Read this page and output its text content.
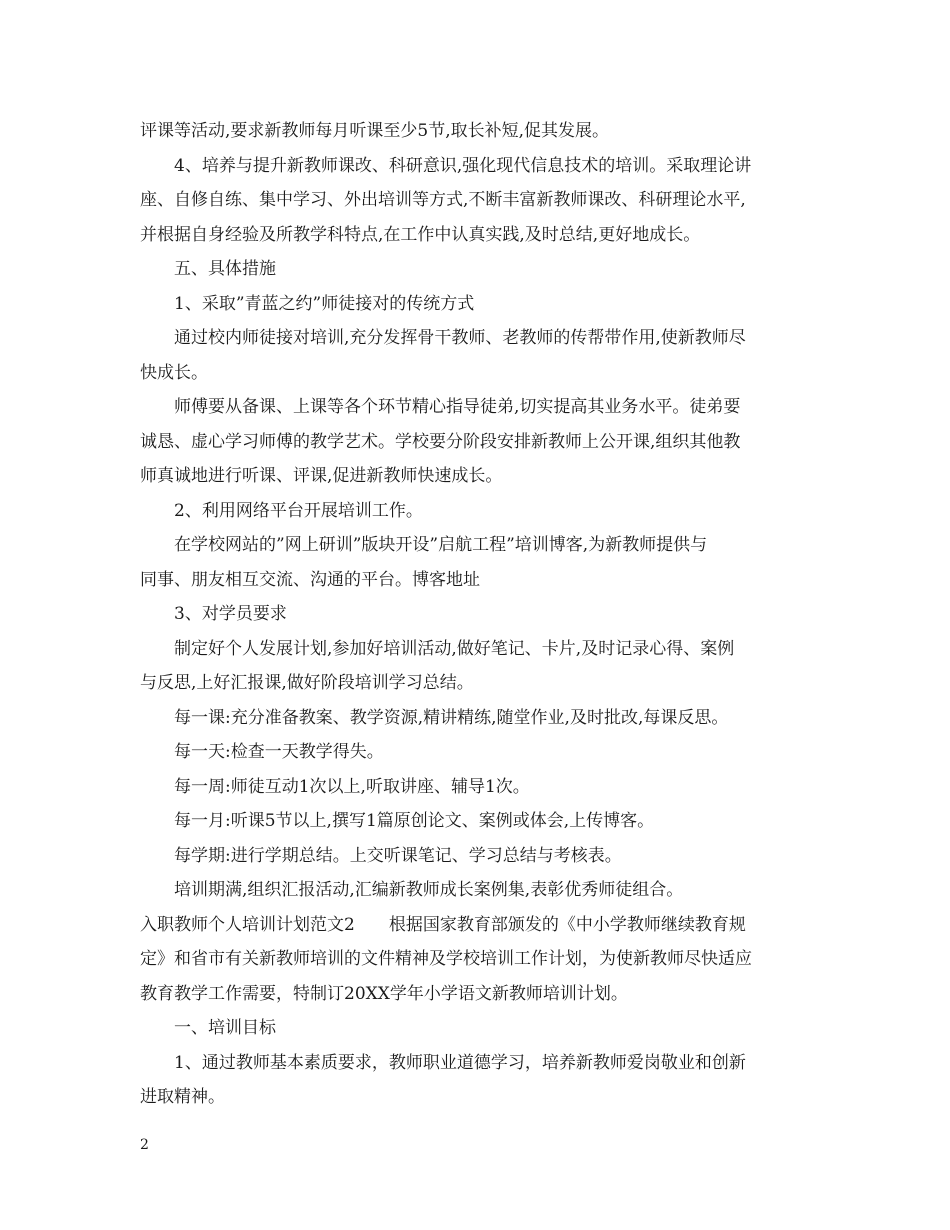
评课等活动,要求新教师每月听课至少5节,取长补短,促其发展。
4、培养与提升新教师课改、科研意识,强化现代信息技术的培训。采取理论讲
座、自修自练、集中学习、外出培训等方式,不断丰富新教师课改、科研理论水平,
并根据自身经验及所教学科特点,在工作中认真实践,及时总结,更好地成长。
五、具体措施
1、采取”青蓝之约”师徒接对的传统方式
通过校内师徒接对培训,充分发挥骨干教师、老教师的传帮带作用,使新教师尽
快成长。
师傅要从备课、上课等各个环节精心指导徒弟,切实提高其业务水平。徒弟要
诚恳、虚心学习师傅的教学艺术。学校要分阶段安排新教师上公开课,组织其他教
师真诚地进行听课、评课,促进新教师快速成长。
2、利用网络平台开展培训工作。
在学校网站的”网上研训”版块开设”启航工程”培训博客,为新教师提供与
同事、朋友相互交流、沟通的平台。博客地址
3、对学员要求
制定好个人发展计划,参加好培训活动,做好笔记、卡片,及时记录心得、案例
与反思,上好汇报课,做好阶段培训学习总结。
每一课:充分准备教案、教学资源,精讲精练,随堂作业,及时批改,每课反思。
每一天:检查一天教学得失。
每一周:师徒互动1次以上,听取讲座、辅导1次。
每一月:听课5节以上,撰写1篇原创论文、案例或体会,上传博客。
每学期:进行学期总结。上交听课笔记、学习总结与考核表。
培训期满,组织汇报活动,汇编新教师成长案例集,表彰优秀师徒组合。
入职教师个人培训计划范文2　　根据国家教育部颁发的《中小学教师继续教育规
定》和省市有关新教师培训的文件精神及学校培训工作计划，为使新教师尽快适应
教育教学工作需要，特制订20XX学年小学语文新教师培训计划。
一、培训目标
1、通过教师基本素质要求，教师职业道德学习，培养新教师爱岗敬业和创新
进取精神。
2
